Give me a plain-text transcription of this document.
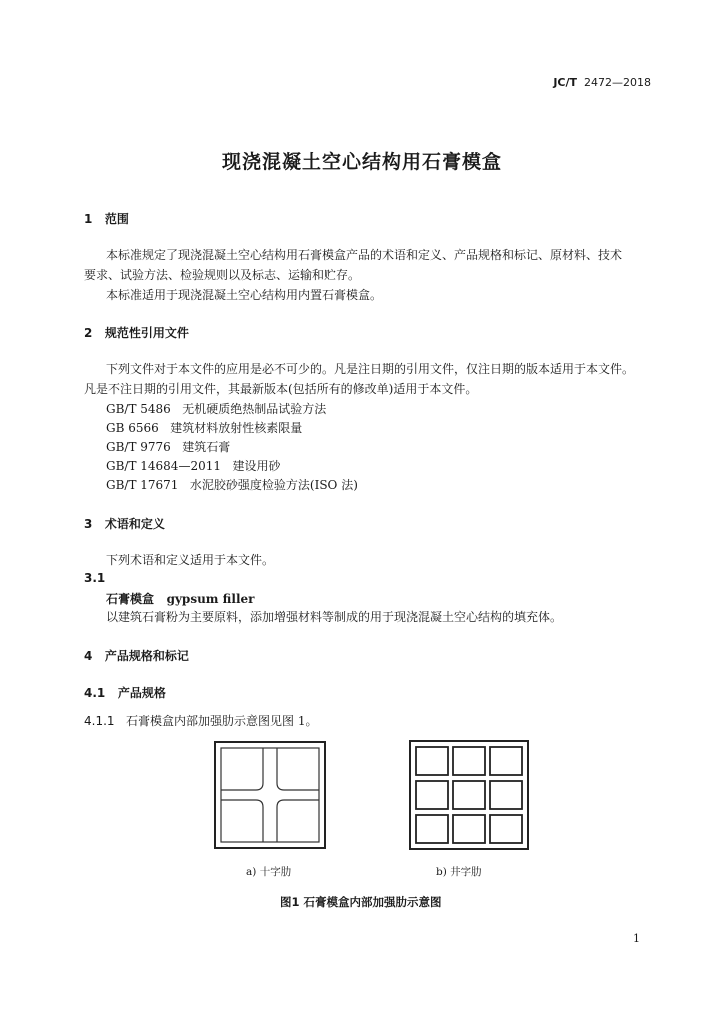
JC/T 2472—2018
现浇混凝土空心结构用石膏模盒
1 范围
本标准规定了现浇混凝土空心结构用石膏模盒产品的术语和定义、产品规格和标记、原材料、技术
要求、试验方法、检验规则以及标志、运输和贮存。
本标准适用于现浇混凝土空心结构用内置石膏模盒。
2 规范性引用文件
下列文件对于本文件的应用是必不可少的。凡是注日期的引用文件，仅注日期的版本适用于本文件。
凡是不注日期的引用文件，其最新版本(包括所有的修改单)适用于本文件。
GB/T 5486 无机硬质绝热制品试验方法
GB 6566 建筑材料放射性核素限量
GB/T 9776 建筑石膏
GB/T 14684—2011 建设用砂
GB/T 17671 水泥胶砂强度检验方法(ISO 法)
3 术语和定义
下列术语和定义适用于本文件。
3.1
石膏模盒 gypsum filler
以建筑石膏粉为主要原料，添加增强材料等制成的用于现浇混凝土空心结构的填充体。
4 产品规格和标记
4.1 产品规格
4.1.1 石膏模盒内部加强肋示意图见图 1。
a) 十字肋	b) 井字肋
图1 石膏模盒内部加强肋示意图
1
